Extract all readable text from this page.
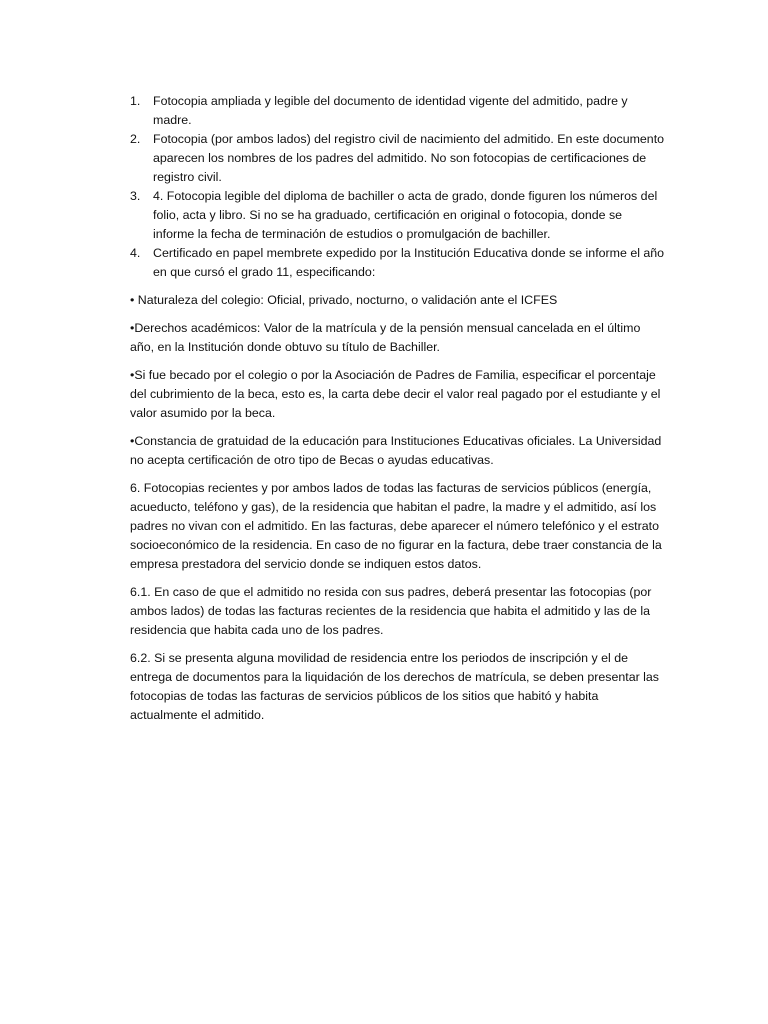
1.	Fotocopia ampliada y legible del documento de identidad vigente del admitido, padre y madre.
2.	Fotocopia (por ambos lados) del registro civil de nacimiento del admitido. En este documento aparecen los nombres de los padres del admitido. No son fotocopias de certificaciones de registro civil.
3.	4. Fotocopia legible del diploma de bachiller o acta de grado, donde figuren los números del folio, acta y libro. Si no se ha graduado, certificación en original o fotocopia, donde se informe la fecha de terminación de estudios o promulgación de bachiller.
4.	Certificado en papel membrete expedido por la Institución Educativa donde se informe el año en que cursó el grado 11, especificando:

• Naturaleza del colegio: Oficial, privado, nocturno, o validación ante el ICFES

•Derechos académicos: Valor de la matrícula y de la pensión mensual cancelada en el último año, en la Institución donde obtuvo su título de Bachiller.

•Si fue becado por el colegio o por la Asociación de Padres de Familia, especificar el porcentaje del cubrimiento de la beca, esto es, la carta debe decir el valor real pagado por el estudiante y el valor asumido por la beca.

•Constancia de gratuidad de la educación para Instituciones Educativas oficiales. La Universidad no acepta certificación de otro tipo de Becas o ayudas educativas.

6. Fotocopias recientes y por ambos lados de todas las facturas de servicios públicos (energía, acueducto, teléfono y gas), de la residencia que habitan el padre, la madre y el admitido, así los padres no vivan con el admitido. En las facturas, debe aparecer el número telefónico y el estrato socioeconómico de la residencia. En caso de no figurar en la factura, debe traer constancia de la empresa prestadora del servicio donde se indiquen estos datos.

6.1. En caso de que el admitido no resida con sus padres, deberá presentar las fotocopias (por ambos lados) de todas las facturas recientes de la residencia que habita el admitido y las de la residencia que habita cada uno de los padres.

6.2. Si se presenta alguna movilidad de residencia entre los periodos de inscripción y el de entrega de documentos para la liquidación de los derechos de matrícula, se deben presentar las fotocopias de todas las facturas de servicios públicos de los sitios que habitó y habita actualmente el admitido.
